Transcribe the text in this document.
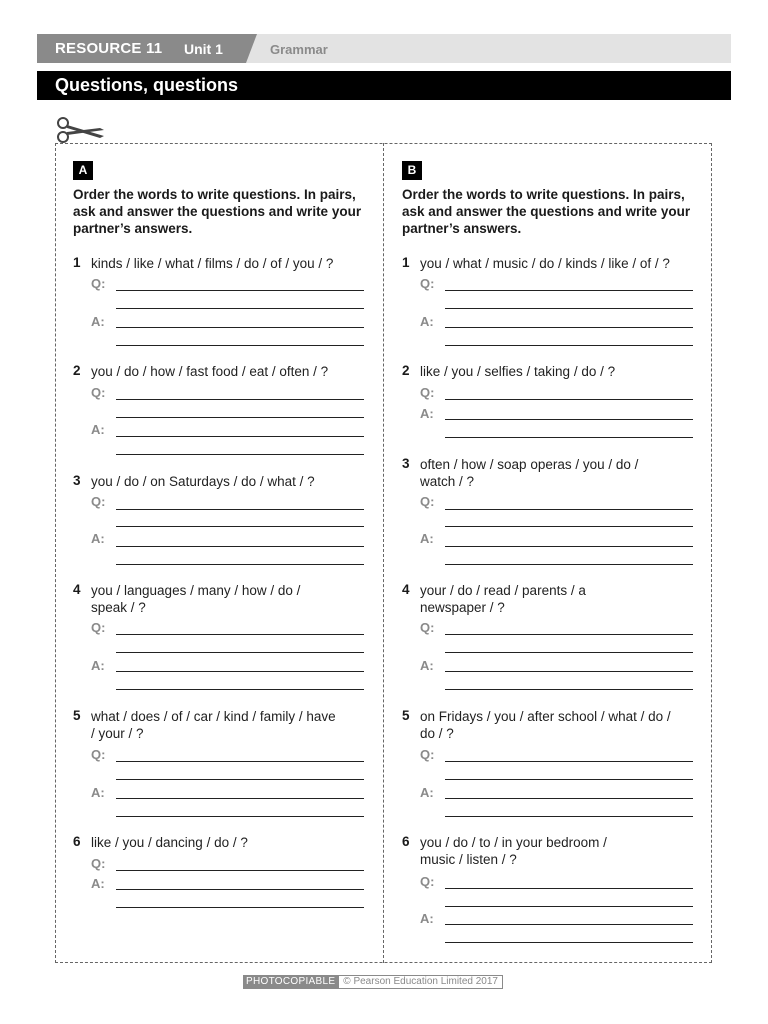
RESOURCE 11 Unit 1	Grammar
Questions, questions
A
Order the words to write questions. In pairs, ask and answer the questions and write your partner’s answers.
1 kinds / like / what / films / do / of / you / ?
Q:
A:
2 you / do / how / fast food / eat / often / ?
Q:
A:
3 you / do / on Saturdays / do / what / ?
Q:
A:
4 you / languages / many / how / do / speak / ?
Q:
A:
5 what / does / of / car / kind / family / have / your / ?
Q:
A:
6 like / you / dancing / do / ?
Q:
A:
B
Order the words to write questions. In pairs, ask and answer the questions and write your partner’s answers.
1 you / what / music / do / kinds / like / of / ?
Q:
A:
2 like / you / selfies / taking / do / ?
Q:
A:
3 often / how / soap operas / you / do / watch / ?
Q:
A:
4 your / do / read / parents / a newspaper / ?
Q:
A:
5 on Fridays / you / after school / what / do / do / ?
Q:
A:
6 you / do / to / in your bedroom / music / listen / ?
Q:
A:
PHOTOCOPIABLE © Pearson Education Limited 2017
